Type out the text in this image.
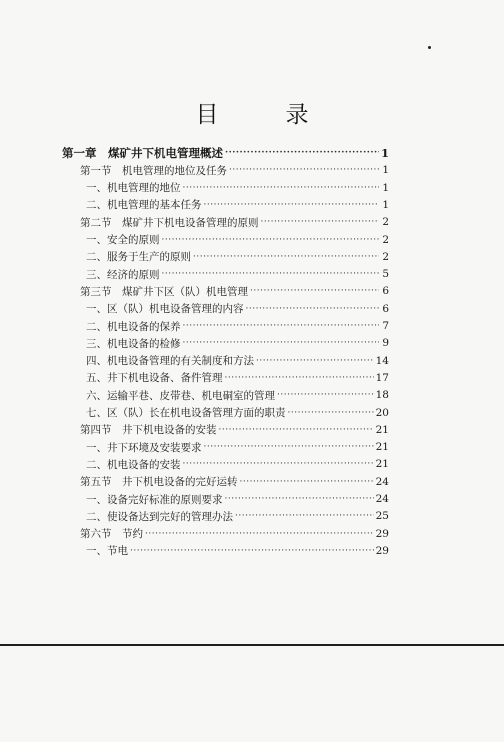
目　录
第一章　煤矿井下机电管理概述 ·····	1
第一节　机电管理的地位及任务 ·····	1
一、机电管理的地位 ·····	1
二、机电管理的基本任务 ·····	1
第二节　煤矿井下机电设备管理的原则 ·····	2
一、安全的原则 ·····	2
二、服务于生产的原则 ·····	2
三、经济的原则 ·····	5
第三节　煤矿井下区（队）机电管理 ·····	6
一、区（队）机电设备管理的内容 ·····	6
二、机电设备的保养 ·····	7
三、机电设备的检修 ·····	9
四、机电设备管理的有关制度和方法 ·····	14
五、井下机电设备、备件管理 ·····	17
六、运输平巷、皮带巷、机电硐室的管理 ·····	18
七、区（队）长在机电设备管理方面的职责 ·····	20
第四节　井下机电设备的安装 ·····	21
一、井下环境及安装要求 ·····	21
二、机电设备的安装 ·····	21
第五节　井下机电设备的完好运转 ·····	24
一、设备完好标准的原则要求 ·····	24
二、使设备达到完好的管理办法 ·····	25
第六节　节约 ·····	29
一、节电 ·····	29
